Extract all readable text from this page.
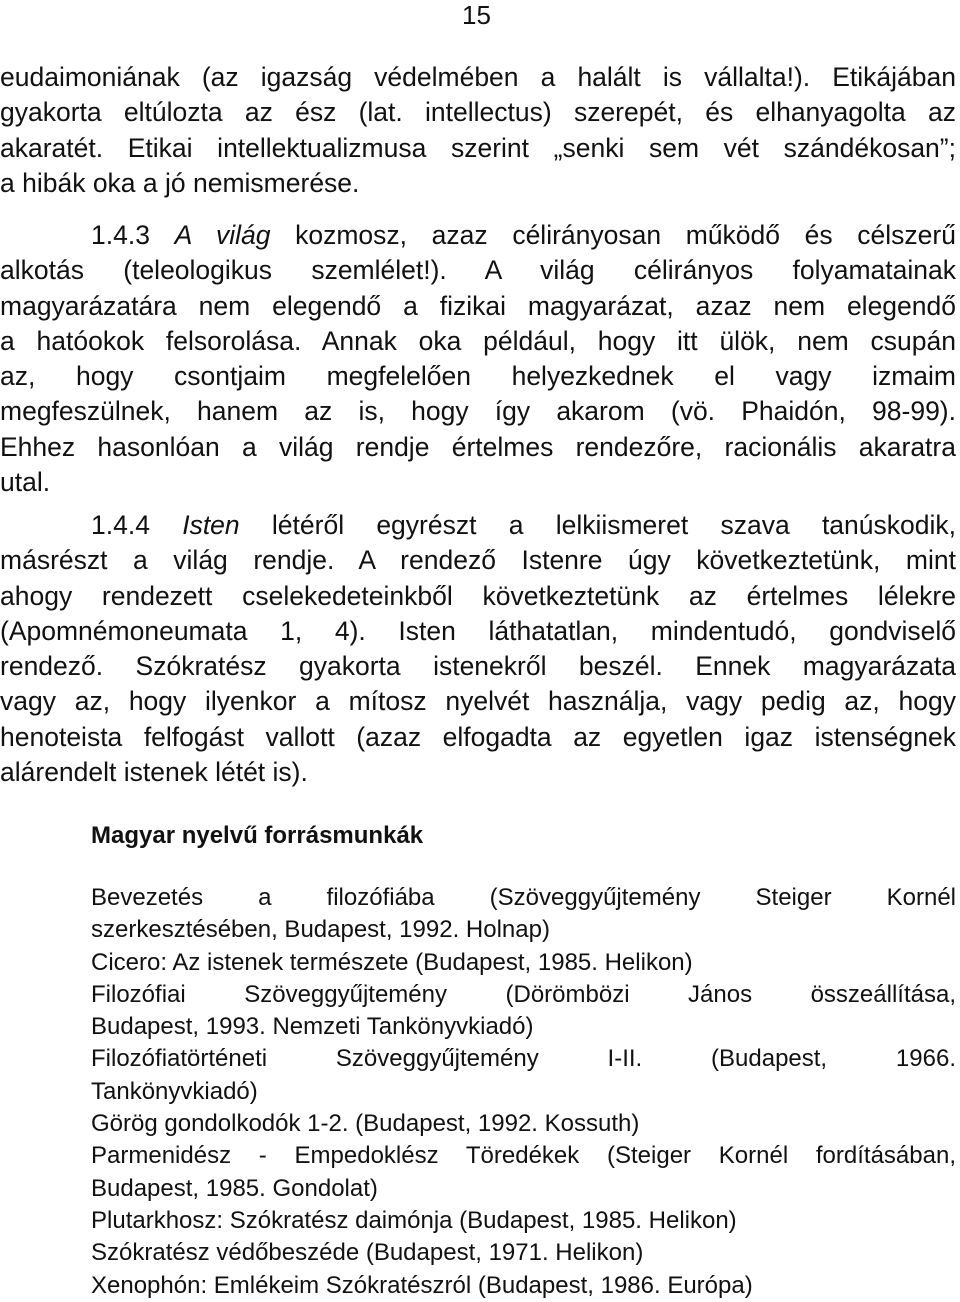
15
eudaimoniának (az igazság védelmében a halált is vállalta!). Etikájában
gyakorta eltúlozta az ész (lat. intellectus) szerepét, és elhanyagolta az
akaratét. Etikai intellektualizmusa szerint „senki sem vét szándékosan”;
a hibák oka a jó nemismerése.
1.4.3 A világ kozmosz, azaz célirányosan működő és célszerű
alkotás (teleologikus szemlélet!). A világ célirányos folyamatainak
magyarázatára nem elegendő a fizikai magyarázat, azaz nem elegendő
a hatóokok felsorolása. Annak oka például, hogy itt ülök, nem csupán
az, hogy csontjaim megfelelően helyezkednek el vagy izmaim
megfeszülnek, hanem az is, hogy így akarom (vö. Phaidón, 98-99).
Ehhez hasonlóan a világ rendje értelmes rendezőre, racionális akaratra
utal.
1.4.4 Isten létéről egyrészt a lelkiismeret szava tanúskodik,
másrészt a világ rendje. A rendező Istenre úgy következtetünk, mint
ahogy rendezett cselekedeteinkből következtetünk az értelmes lélekre
(Apomnémoneumata 1, 4). Isten láthatatlan, mindentudó, gondviselő
rendező. Szókratész gyakorta istenekről beszél. Ennek magyarázata
vagy az, hogy ilyenkor a mítosz nyelvét használja, vagy pedig az, hogy
henoteista felfogást vallott (azaz elfogadta az egyetlen igaz istenségnek
alárendelt istenek létét is).
Magyar nyelvű forrásmunkák
Bevezetés a filozófiába (Szöveggyűjtemény Steiger Kornél
szerkesztésében, Budapest, 1992. Holnap)
Cicero: Az istenek természete (Budapest, 1985. Helikon)
Filozófiai Szöveggyűjtemény (Dörömbözi János összeállítása,
Budapest, 1993. Nemzeti Tankönyvkiadó)
Filozófiatörténeti Szöveggyűjtemény I-II. (Budapest, 1966.
Tankönyvkiadó)
Görög gondolkodók 1-2. (Budapest, 1992. Kossuth)
Parmenidész - Empedoklész Töredékek (Steiger Kornél fordításában,
Budapest, 1985. Gondolat)
Plutarkhosz: Szókratész daimónja (Budapest, 1985. Helikon)
Szókratész védőbeszéde (Budapest, 1971. Helikon)
Xenophón: Emlékeim Szókratészról (Budapest, 1986. Európa)
